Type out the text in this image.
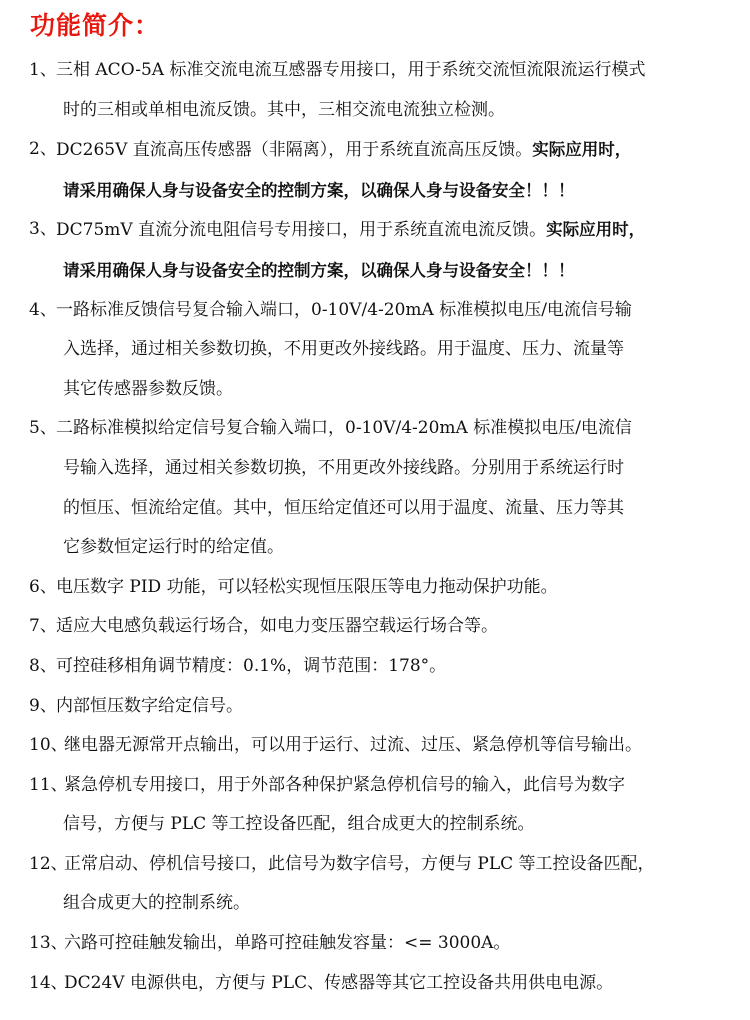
功能简介：
1、 三相 ACO-5A 标准交流电流互感器专用接口，用于系统交流恒流限流运行模式
时的三相或单相电流反馈。其中，三相交流电流独立检测。
2、 DC265V 直流高压传感器（非隔离），用于系统直流高压反馈。实际应用时，
请采用确保人身与设备安全的控制方案，以确保人身与设备安全！！！
3、 DC75mV 直流分流电阻信号专用接口，用于系统直流电流反馈。实际应用时，
请采用确保人身与设备安全的控制方案，以确保人身与设备安全！！！
4、 一路标准反馈信号复合输入端口，0-10V/4-20mA 标准模拟电压/电流信号输
入选择，通过相关参数切换，不用更改外接线路。用于温度、压力、流量等
其它传感器参数反馈。
5、 二路标准模拟给定信号复合输入端口，0-10V/4-20mA 标准模拟电压/电流信
号输入选择，通过相关参数切换，不用更改外接线路。分别用于系统运行时
的恒压、恒流给定值。其中，恒压给定值还可以用于温度、流量、压力等其
它参数恒定运行时的给定值。
6、 电压数字 PID 功能，可以轻松实现恒压限压等电力拖动保护功能。
7、 适应大电感负载运行场合，如电力变压器空载运行场合等。
8、 可控硅移相角调节精度：0.1%，调节范围：178°。
9、 内部恒压数字给定信号。
10、
继电器无源常开点输出，可以用于运行、过流、过压、紧急停机等信号输出。
11、
紧急停机专用接口，用于外部各种保护紧急停机信号的输入，此信号为数字
信号，方便与 PLC 等工控设备匹配，组合成更大的控制系统。
12、
正常启动、停机信号接口，此信号为数字信号，方便与 PLC 等工控设备匹配，
组合成更大的控制系统。
13、
六路可控硅触发输出，单路可控硅触发容量：<= 3000A。
14、
DC24V 电源供电，方便与 PLC、传感器等其它工控设备共用供电电源。
